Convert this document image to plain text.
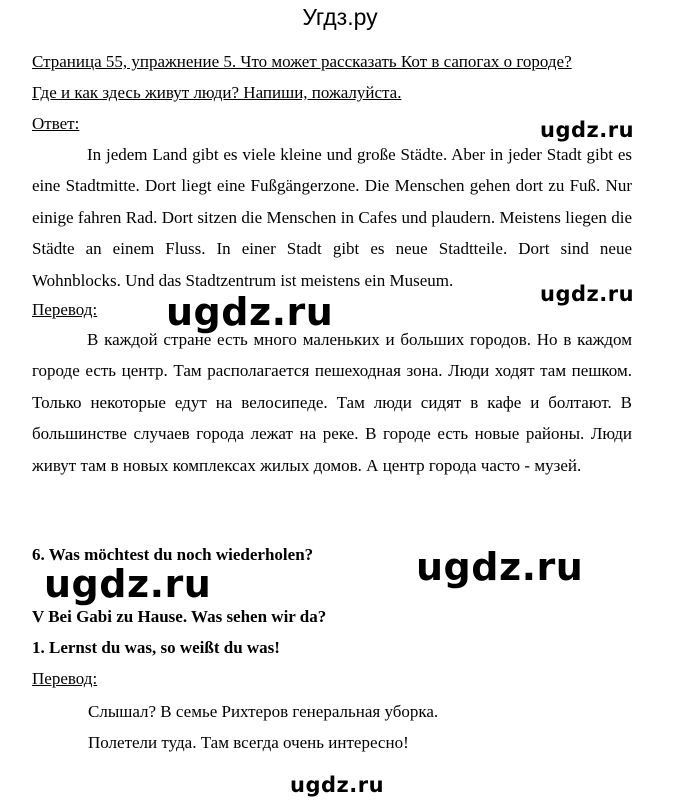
Угдз.ру
Страница 55, упражнение 5. Что может рассказать Кот в сапогах о городе?
Где и как здесь живут люди? Напиши, пожалуйста.
Ответ:	ugdz.ru
In jedem Land gibt es viele kleine und große Städte. Aber in jeder Stadt gibt es eine Stadtmitte. Dort liegt eine Fußgängerzone. Die Menschen gehen dort zu Fuß. Nur einige fahren Rad. Dort sitzen die Menschen in Cafes und plaudern. Meistens liegen die Städte an einem Fluss. In einer Stadt gibt es neue Stadtteile. Dort sind neue Wohnblocks. Und das Stadtzentrum ist meistens ein Museum.
ugdz.ru
Перевод: ugdz.ru
В каждой стране есть много маленьких и больших городов. Но в каждом городе есть центр. Там располагается пешеходная зона. Люди ходят там пешком. Только некоторые едут на велосипеде. Там люди сидят в кафе и болтают. В большинстве случаев города лежат на реке. В городе есть новые районы. Люди живут там в новых комплексах жилых домов. А центр города часто - музей.
6. Was möchtest du noch wiederholen?	ugdz.ru
ugdz.ru
V Bei Gabi zu Hause. Was sehen wir da?
1. Lernst du was, so weißt du was!
Перевод:
Слышал? В семье Рихтеров генеральная уборка.
Полетели туда. Там всегда очень интересно!
ugdz.ru
